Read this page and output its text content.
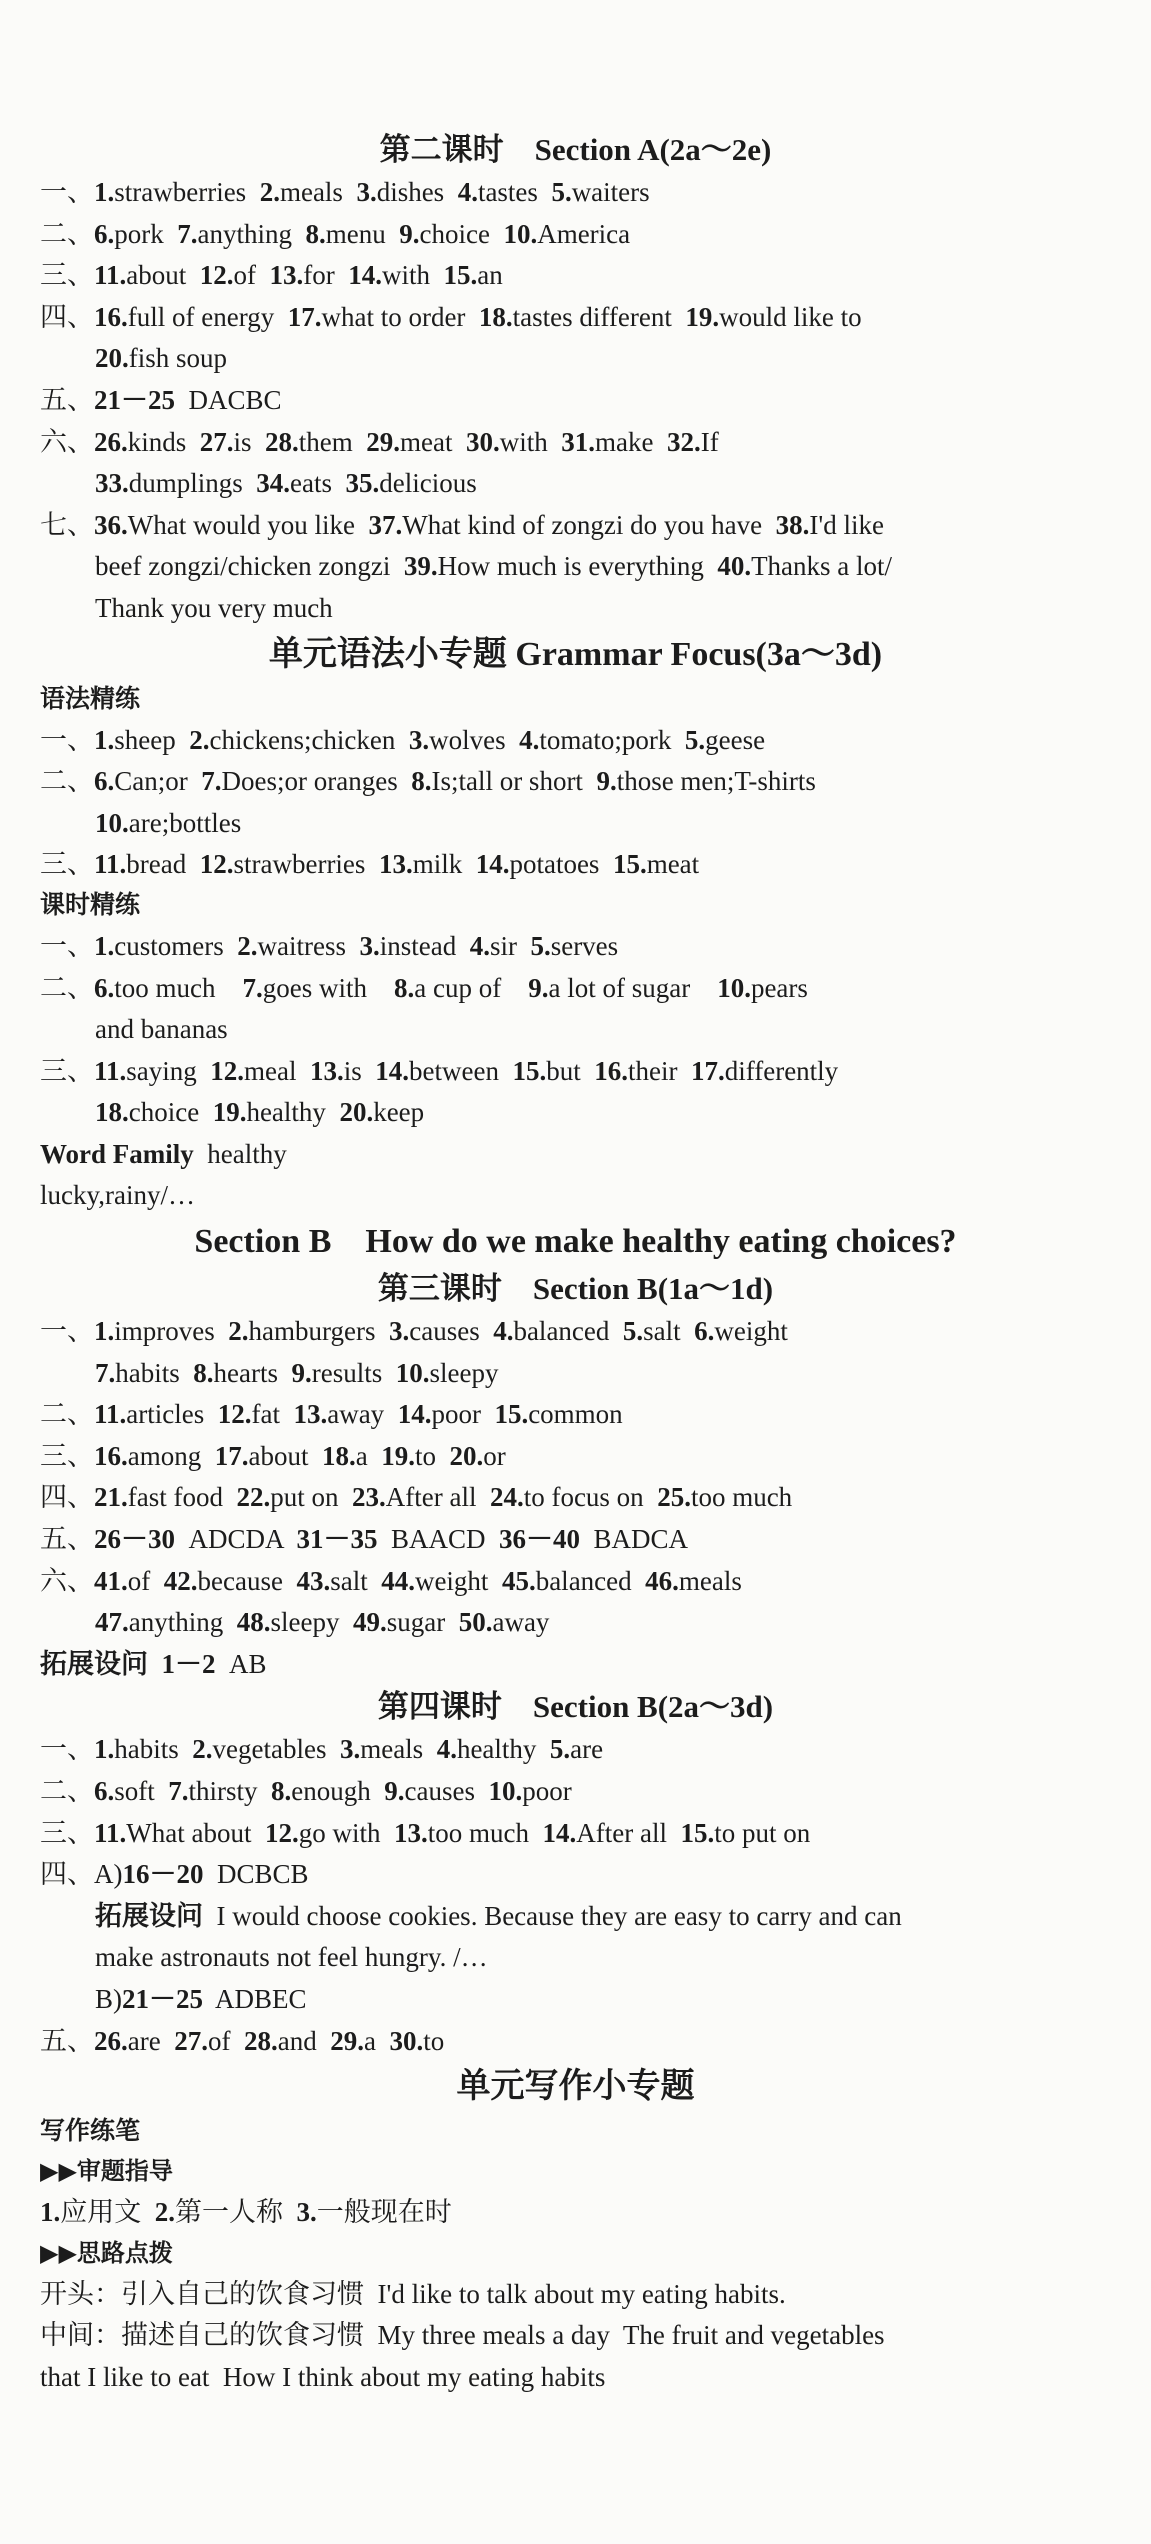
第二课时　Section A(2a～2e)
一、1.strawberries  2.meals  3.dishes  4.tastes  5.waiters
二、6.pork  7.anything  8.menu  9.choice  10.America
三、11.about  12.of  13.for  14.with  15.an
四、16.full of energy  17.what to order  18.tastes different  19.would like to
20.fish soup
五、21－25  DACBC
六、26.kinds  27.is  28.them  29.meat  30.with  31.make  32.If
33.dumplings  34.eats  35.delicious
七、36.What would you like  37.What kind of zongzi do you have  38.I'd like
beef zongzi/chicken zongzi  39.How much is everything  40.Thanks a lot/
Thank you very much
单元语法小专题 Grammar Focus(3a～3d)
语法精练
一、1.sheep  2.chickens;chicken  3.wolves  4.tomato;pork  5.geese
二、6.Can;or  7.Does;or oranges  8.Is;tall or short  9.those men;T-shirts
10.are;bottles
三、11.bread  12.strawberries  13.milk  14.potatoes  15.meat
课时精练
一、1.customers  2.waitress  3.instead  4.sir  5.serves
二、6.too much    7.goes with    8.a cup of    9.a lot of sugar    10.pears
and bananas
三、11.saying  12.meal  13.is  14.between  15.but  16.their  17.differently
18.choice  19.healthy  20.keep
Word Family  healthy
lucky,rainy/…
Section B　How do we make healthy eating choices?
第三课时　Section B(1a～1d)
一、1.improves  2.hamburgers  3.causes  4.balanced  5.salt  6.weight
7.habits  8.hearts  9.results  10.sleepy
二、11.articles  12.fat  13.away  14.poor  15.common
三、16.among  17.about  18.a  19.to  20.or
四、21.fast food  22.put on  23.After all  24.to focus on  25.too much
五、26－30  ADCDA  31－35  BAACD  36－40  BADCA
六、41.of  42.because  43.salt  44.weight  45.balanced  46.meals
47.anything  48.sleepy  49.sugar  50.away
拓展设问  1－2  AB
第四课时　Section B(2a～3d)
一、1.habits  2.vegetables  3.meals  4.healthy  5.are
二、6.soft  7.thirsty  8.enough  9.causes  10.poor
三、11.What about  12.go with  13.too much  14.After all  15.to put on
四、A)16－20  DCBCB
拓展设问  I would choose cookies. Because they are easy to carry and can
make astronauts not feel hungry. /…
B)21－25  ADBEC
五、26.are  27.of  28.and  29.a  30.to
单元写作小专题
写作练笔
▶▶审题指导
1.应用文  2.第一人称  3.一般现在时
▶▶思路点拨
开头：引入自己的饮食习惯  I'd like to talk about my eating habits.
中间：描述自己的饮食习惯  My three meals a day  The fruit and vegetables
that I like to eat  How I think about my eating habits
